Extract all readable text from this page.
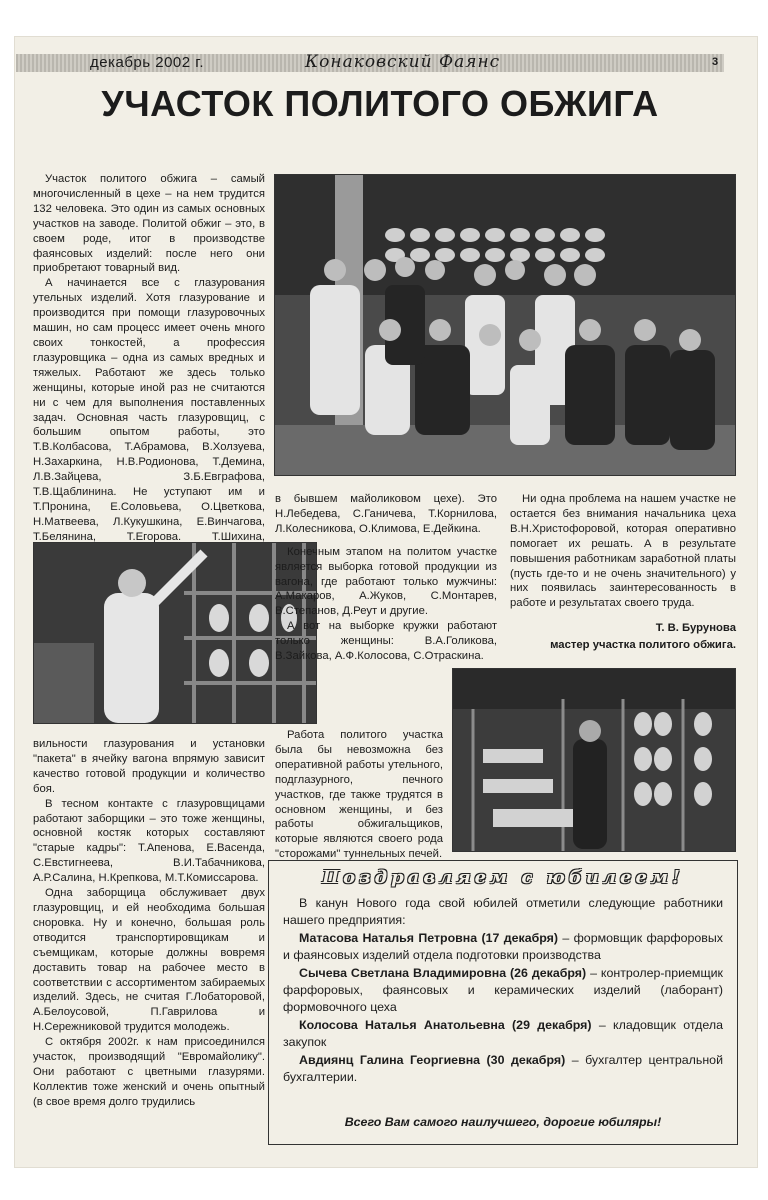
декабрь 2002 г.	Конаковский Фаянс	3
УЧАСТОК ПОЛИТОГО ОБЖИГА

Участок политого обжига – самый многочисленный в цехе – на нем трудится 132 человека. Это один из самых основных участков на заводе. Политой обжиг – это, в своем роде, итог в производстве фаянсовых изделий: после него они приобретают товарный вид.

А начинается все с глазурования утельных изделий. Хотя глазурование и производится при помощи глазуровочных машин, но сам процесс имеет очень много своих тонкостей, а профессия глазуровщика – одна из самых вредных и тяжелых. Работают же здесь только женщины, которые иной раз не считаются ни с чем для выполнения поставленных задач. Основная часть глазуровщиц, с большим опытом работы, это Т.В.Колбасова, Т.Абрамова, В.Холзуева, Н.Захаркина, Н.В.Родионова, Т.Демина, Л.В.Зайцева, З.Б.Евграфова, Т.В.Щаблинина. Не уступают им и Т.Пронина, Е.Соловьева, О.Цветкова, Н.Матвеева, Л.Кукушкина, Е.Винчагова, Т.Белянина, Т.Егорова. Т.Шихина,

вильности глазурования и установки "пакета" в ячейку вагона впрямую зависит качество готовой продукции и количество боя.

В тесном контакте с глазуровщицами работают заборщики – это тоже женщины, основной костяк которых составляют "старые кадры": Т.Апенова, Е.Васенда, С.Евстигнеева, В.И.Табачникова, А.Р.Салина, Н.Крепкова, М.Т.Комиссарова.

Одна заборщица обслуживает двух глазуровщиц, и ей необходима большая сноровка. Ну и конечно, большая роль отводится транспортировщикам и съемщикам, которые должны вовремя доставить товар на рабочее место в соответствии с ассортиментом забираемых изделий. Здесь, не считая Г.Лобаторовой, А.Белоусовой, П.Гаврилова и Н.Сережниковой трудится молодежь.

С октября 2002г. к нам присоединился участок, производящий "Евромайолику". Они работают с цветными глазурями. Коллектив тоже женский и очень опытный (в свое время долго трудились

в бывшем майоликовом цехе). Это Н.Лебедева, С.Ганичева, Т.Корнилова, Л.Колесникова, О.Климова, Е.Дейкина.

Конечным этапом на политом участке является выборка готовой продукции из вагона, где работают только мужчины: А.Макаров, А.Жуков, С.Монтарев, В.Степанов, Д.Реут и другие.

А вот на выборке кружки работают только женщины: В.А.Голикова, В.Зайкова, А.Ф.Колосова, С.Отраскина.

Работа политого участка была бы невозможна без оперативной работы утельного, подглазурного, печного участков, где также трудятся в основном женщины, и без работы обжигальщиков, которые являются своего рода "сторожами" туннельных печей.

Ни одна проблема на нашем участке не остается без внимания начальника цеха В.Н.Христофоровой, которая оперативно помогает их решать. А в результате повышения работникам заработной платы (пусть где-то и не очень значительного) у них появилась заинтересованность в работе и результатах своего труда.

Т. В. Бурунова
мастер участка политого обжига.
Поздравляем с юбилеем!

В канун Нового года свой юбилей отметили следующие работники нашего предприятия:

Матасова Наталья Петровна (17 декабря) – формовщик фарфоровых и фаянсовых изделий отдела подготовки производства

Сычева Светлана Владимировна (26 декабря) – контролер-приемщик фарфоровых, фаянсовых и керамических изделий (лаборант) формовочного цеха

Колосова Наталья Анатольевна (29 декабря) – кладовщик отдела закупок

Авдиянц Галина Георгиевна (30 декабря) – бухгалтер центральной бухгалтерии.

Всего Вам самого наилучшего, дорогие юбиляры!
